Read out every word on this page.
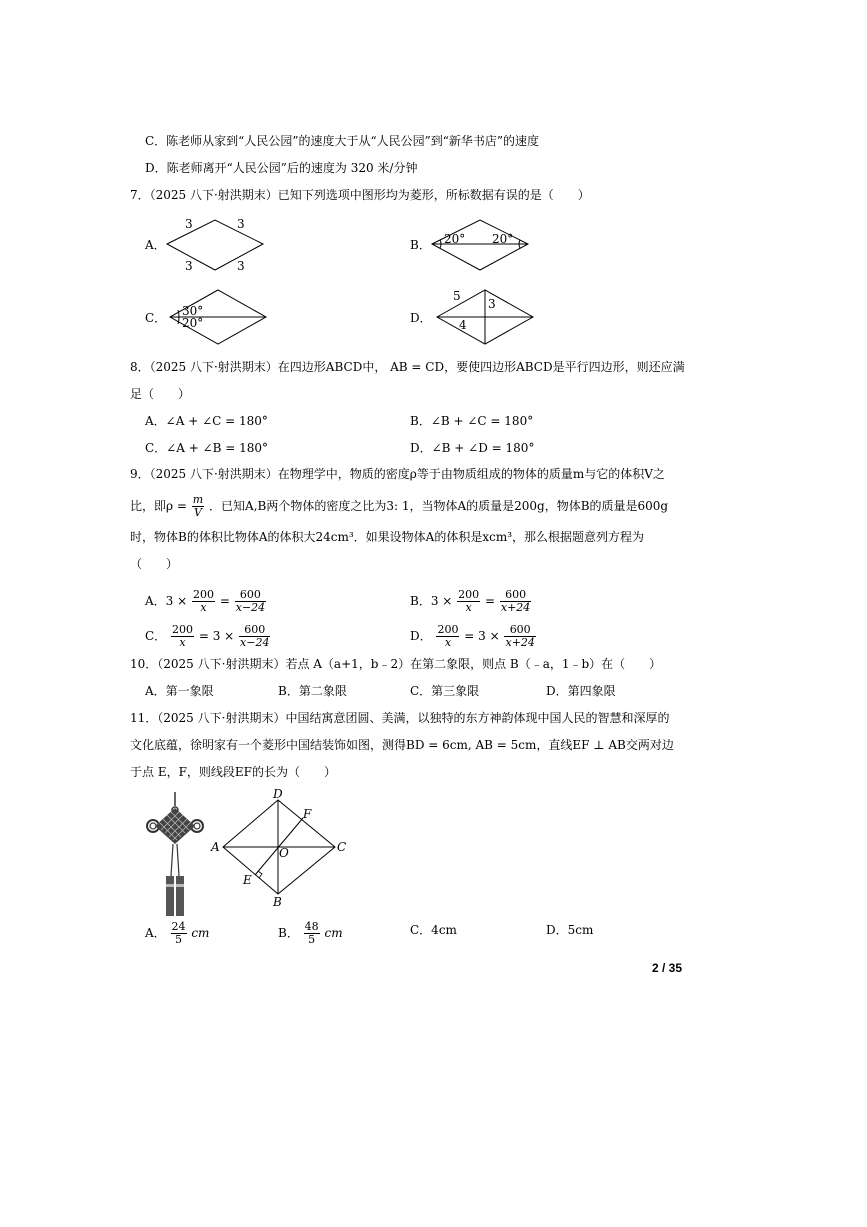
C．陈老师从家到“人民公园”的速度大于从“人民公园”到“新华书店”的速度
D．陈老师离开“人民公园”后的速度为 320 米/分钟
7．（2025 八下·射洪期末）已知下列选项中图形均为菱形，所标数据有误的是（　　）
A．
3	3
3	3
B． 20° 20°
C． 30°
20°	D．
5
3
4
8．（2025 八下·射洪期末）在四边形ABCD中， AB = CD，要使四边形ABCD是平行四边形，则还应满
足（　　）
A．∠A + ∠C = 180°	B．∠B + ∠C = 180°
C．∠A + ∠B = 180°	D．∠B + ∠D = 180°
9．（2025 八下·射洪期末）在物理学中，物质的密度ρ等于由物质组成的物体的质量m与它的体积V之
比，即$\rho = \frac{m}{V}$ ．已知A,B两个物体的密度之比为3: 1，当物体A的质量是200g，物体B的质量是600g
时，物体B的体积比物体A的体积大24cm³．如果设物体A的体积是xcm³，那么根据题意列方程为
（　　）
A．$3 \times \frac{200}{x} = \frac{600}{x-24}$	B．$3 \times \frac{200}{x} = \frac{600}{x+24}$
C． $\frac{200}{x} = 3 \times \frac{600}{x-24}$	D． $\frac{200}{x} = 3 \times \frac{600}{x+24}$
10．（2025 八下·射洪期末）若点 A（a+1，b﹣2）在第二象限，则点 B（﹣a，1﹣b）在（　　）
A．第一象限	B．第二象限	C．第三象限	D．第四象限
11．（2025 八下·射洪期末）中国结寓意团圆、美满，以独特的东方神韵体现中国人民的智慧和深厚的
文化底蕴，徐明家有一个菱形中国结装饰如图，测得BD = 6cm, AB = 5cm，直线EF ⊥ AB交两对边
于点 E，F，则线段EF的长为（　　）
A
B
C
D
E
F
O
A． $\frac{24}{5}$ cm	B． $\frac{48}{5}$ cm	C．4cm	D．5cm
2 / 35
